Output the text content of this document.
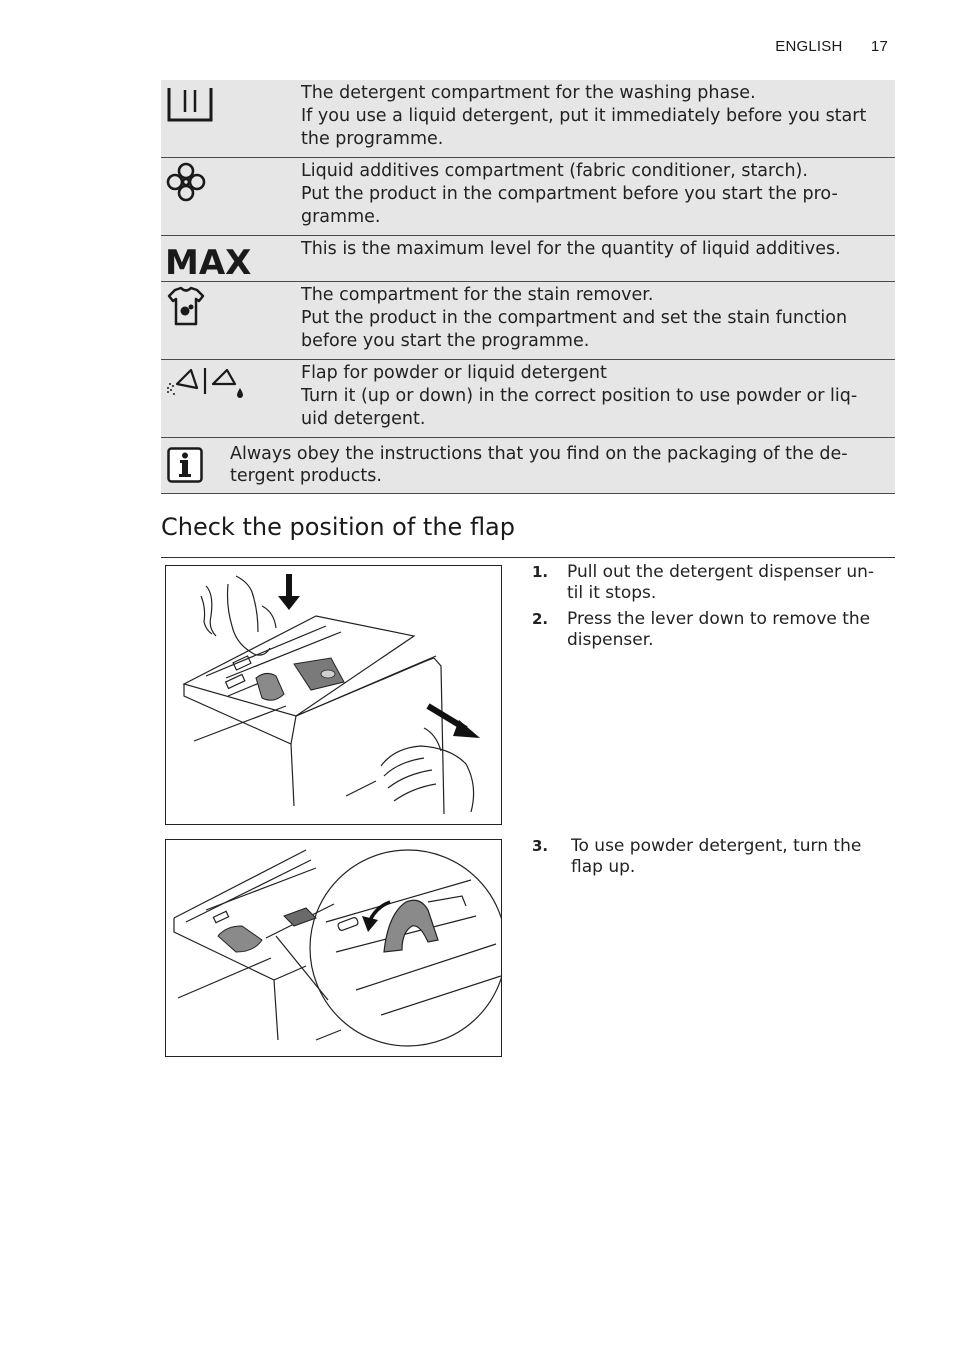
ENGLISH 17
The detergent compartment for the washing phase.
If you use a liquid detergent, put it immediately before you start
the programme.
Liquid additives compartment (fabric conditioner, starch).
Put the product in the compartment before you start the pro-
gramme.
MAX	This is the maximum level for the quantity of liquid additives.
The compartment for the stain remover.
Put the product in the compartment and set the stain function
before you start the programme.
Flap for powder or liquid detergent
Turn it (up or down) in the correct position to use powder or liq-
uid detergent.
Always obey the instructions that you find on the packaging of the de- tergent products.
Check the position of the flap
1. Pull out the detergent dispenser un-
til it stops.
2. Press the lever down to remove the
dispenser.
3. To use powder detergent, turn the
flap up.
